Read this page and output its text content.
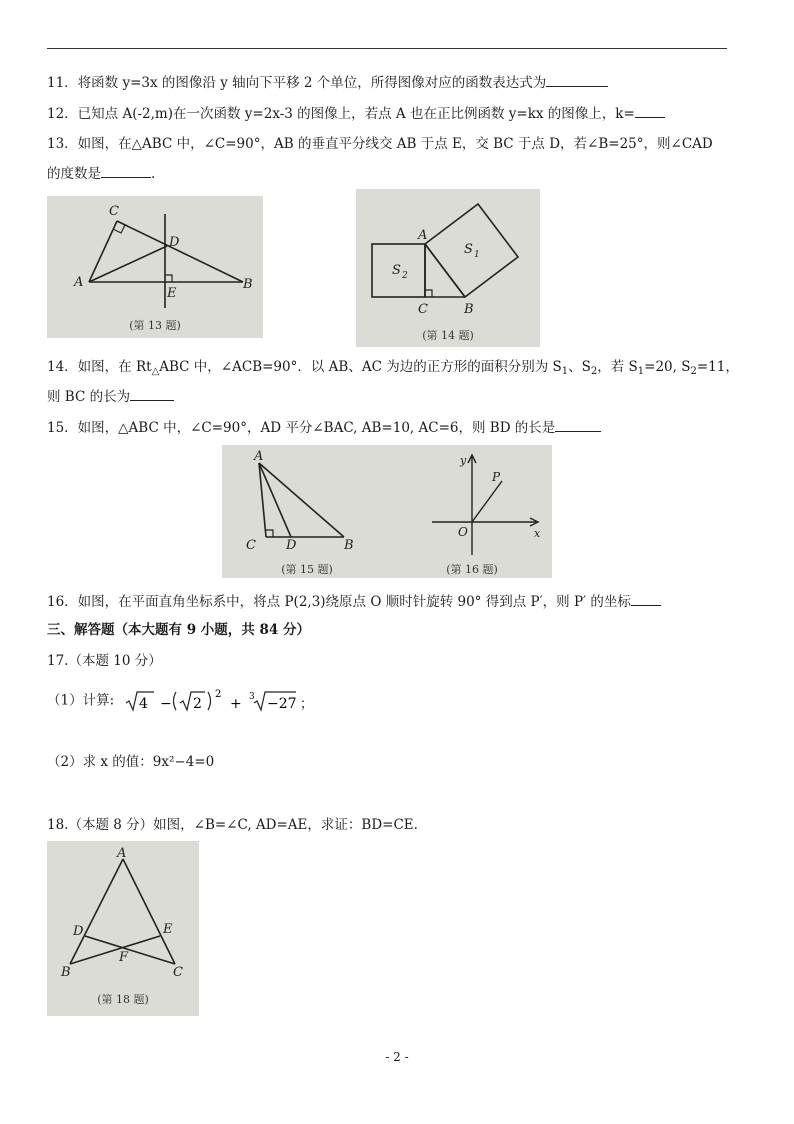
11．将函数 y=3x 的图像沿 y 轴向下平移 2 个单位，所得图像对应的函数表达式为
12．已知点 A(-2,m)在一次函数 y=2x-3 的图像上，若点 A 也在正比例函数 y=kx 的图像上，k=
13．如图，在△ABC 中，∠C=90°，AB 的垂直平分线交 AB 于点 E，交 BC 于点 D，若∠B=25°，则∠CAD
的度数是	.
C
D
A
E
B
(第 13 题)
A
S 1
S 2
C	B
(第 14 题)
14．如图，在 $Rt_\triangle ABC$ 中，∠ACB=90°．以 AB、AC 为边的正方形的面积分别为 $S_1$、$S_2$，若 $S_1=20$, $S_2=11$，
则 BC 的长为
15．如图，△ABC 中，∠C=90°，AD 平分∠BAC, AB=10, AC=6，则 BD 的长是
A
C D	B
(第 15 题)
y
P
O	x
(第 16 题)
16．如图，在平面直角坐标系中，将点 P(2,3)绕原点 O 顺时针旋转 90° 得到点 P′，则 P′ 的坐标
三、解答题（本大题有 9 小题，共 84 分）
17.（本题 10 分）
（1）计算: 4 − 2
2
+ 3 −27 ；
（2）求 x 的值：9x²−4=0
18.（本题 8 分）如图，∠B=∠C, AD=AE，求证：BD=CE.
A
D	E
F
B	C
(第 18 题)
- 2 -
